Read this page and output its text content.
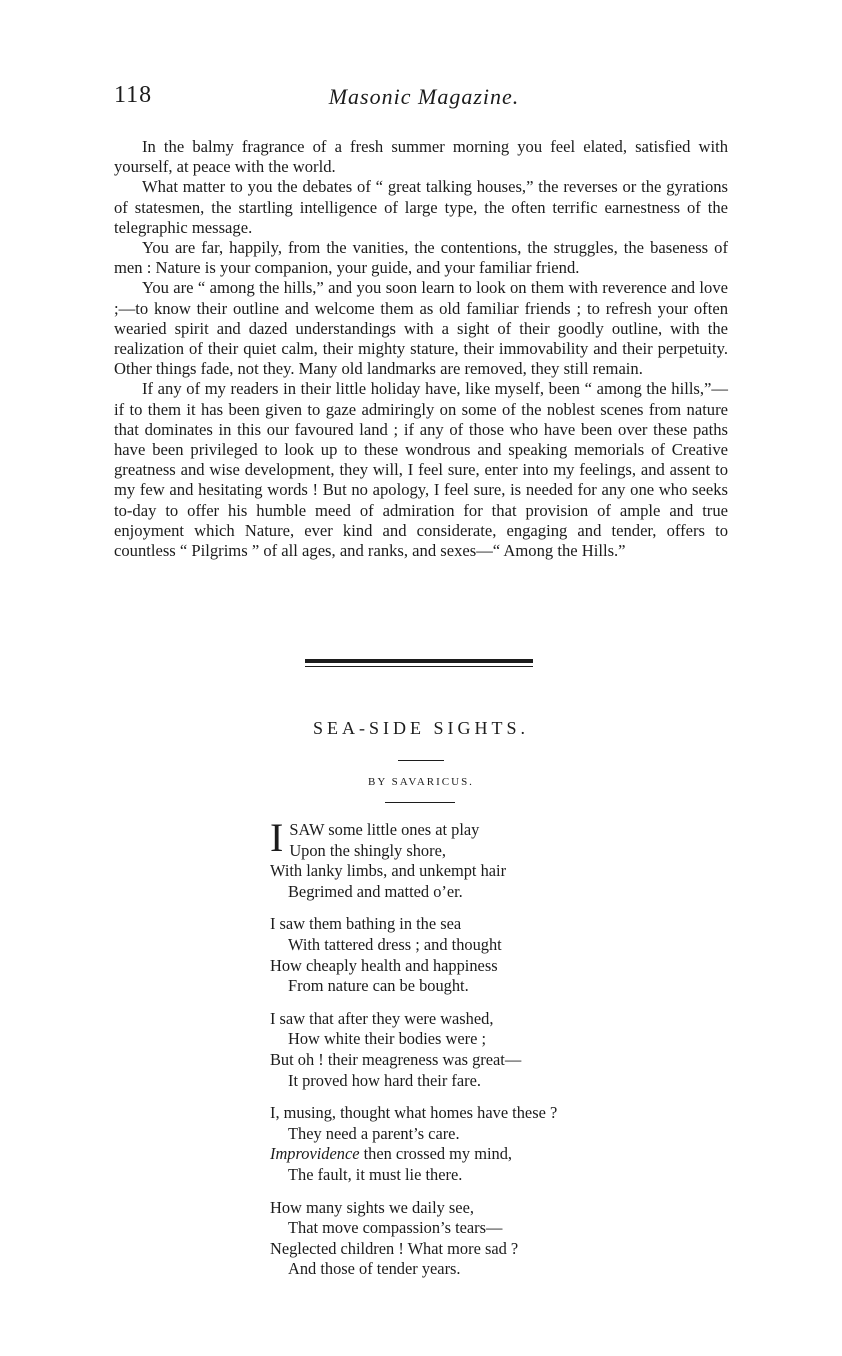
118	Masonic Magazine.

In the balmy fragrance of a fresh summer morning you feel elated, satisfied with yourself, at peace with the world.

What matter to you the debates of “ great talking houses,” the reverses or the gyrations of statesmen, the startling intelligence of large type, the often terrific earnestness of the telegraphic message.

You are far, happily, from the vanities, the contentions, the struggles, the baseness of men : Nature is your companion, your guide, and your familiar friend.

You are “ among the hills,” and you soon learn to look on them with reverence and love ;—to know their outline and welcome them as old familiar friends ; to refresh your often wearied spirit and dazed understandings with a sight of their goodly outline, with the realization of their quiet calm, their mighty stature, their immovability and their perpetuity. Other things fade, not they. Many old landmarks are removed, they still remain.

If any of my readers in their little holiday have, like myself, been “ among the hills,”—if to them it has been given to gaze admiringly on some of the noblest scenes from nature that dominates in this our favoured land ; if any of those who have been over these paths have been privileged to look up to these wondrous and speaking memorials of Creative greatness and wise development, they will, I feel sure, enter into my feelings, and assent to my few and hesitating words ! But no apology, I feel sure, is needed for any one who seeks to-day to offer his humble meed of admiration for that provision of ample and true enjoyment which Nature, ever kind and considerate, engaging and tender, offers to countless “ Pilgrims ” of all ages, and ranks, and sexes—“ Among the Hills.”

SEA-SIDE SIGHTS.
BY SAVARICUS.
I SAW some little ones at play
Upon the shingly shore,
With lanky limbs, and unkempt hair
Begrimed and matted o’er.
I saw them bathing in the sea
With tattered dress ; and thought
How cheaply health and happiness
From nature can be bought.
I saw that after they were washed,
How white their bodies were ;
But oh ! their meagreness was great—
It proved how hard their fare.
I, musing, thought what homes have these ?
They need a parent’s care.
Improvidence then crossed my mind,
The fault, it must lie there.
How many sights we daily see,
That move compassion’s tears—
Neglected children ! What more sad ?
And those of tender years.
